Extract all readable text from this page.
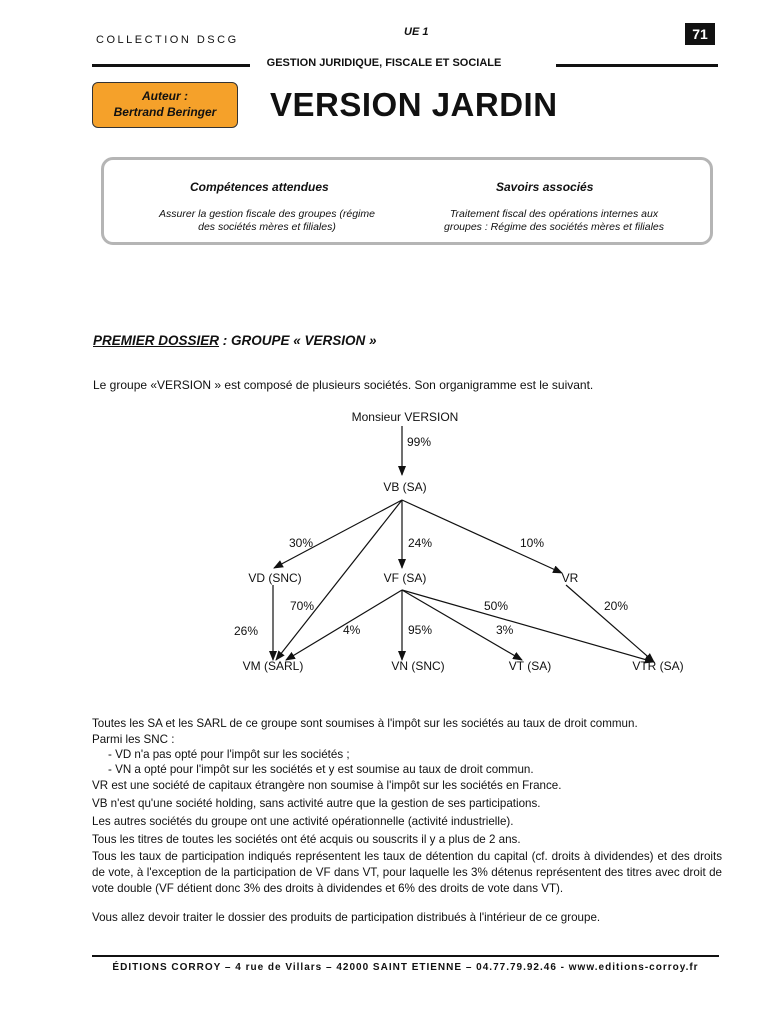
COLLECTION DSCG
UE 1	71
GESTION JURIDIQUE, FISCALE ET SOCIALE
Auteur :
Bertrand Beringer	VERSION JARDIN
Compétences attendues
Assurer la gestion fiscale des groupes (régime
des sociétés mères et filiales)
Savoirs associés
Traitement fiscal des opérations internes aux
groupes : Régime des sociétés mères et filiales
PREMIER DOSSIER : GROUPE « VERSION »
Le groupe «VERSION » est composé de plusieurs sociétés. Son organigramme est le suivant.
Monsieur VERSION
VB (SA)
VD (SNC)	VF (SA)	VR
VM (SARL)	VN (SNC)	VT (SA)	VTR (SA)
99%
30%	24%	10%
70%
26%	4%	95%	3%
50%	20%
Toutes les SA et les SARL de ce groupe sont soumises à l'impôt sur les sociétés au taux de droit commun.
Parmi les SNC :
- VD n'a pas opté pour l'impôt sur les sociétés ;
- VN a opté pour l'impôt sur les sociétés et y est soumise au taux de droit commun.
VR est une société de capitaux étrangère non soumise à l'impôt sur les sociétés en France.
VB n'est qu'une société holding, sans activité autre que la gestion de ses participations.
Les autres sociétés du groupe ont une activité opérationnelle (activité industrielle).
Tous les titres de toutes les sociétés ont été acquis ou souscrits il y a plus de 2 ans.
Tous les taux de participation indiqués représentent les taux de détention du capital (cf. droits à dividendes) et des droits de vote, à l'exception de la participation de VF dans VT, pour laquelle les 3% détenus représentent des titres avec droit de vote double (VF détient donc 3% des droits à dividendes et 6% des droits de vote dans VT).
Vous allez devoir traiter le dossier des produits de participation distribués à l'intérieur de ce groupe.
ÉDITIONS CORROY – 4 rue de Villars – 42000 SAINT ETIENNE – 04.77.79.92.46 - www.editions-corroy.fr
